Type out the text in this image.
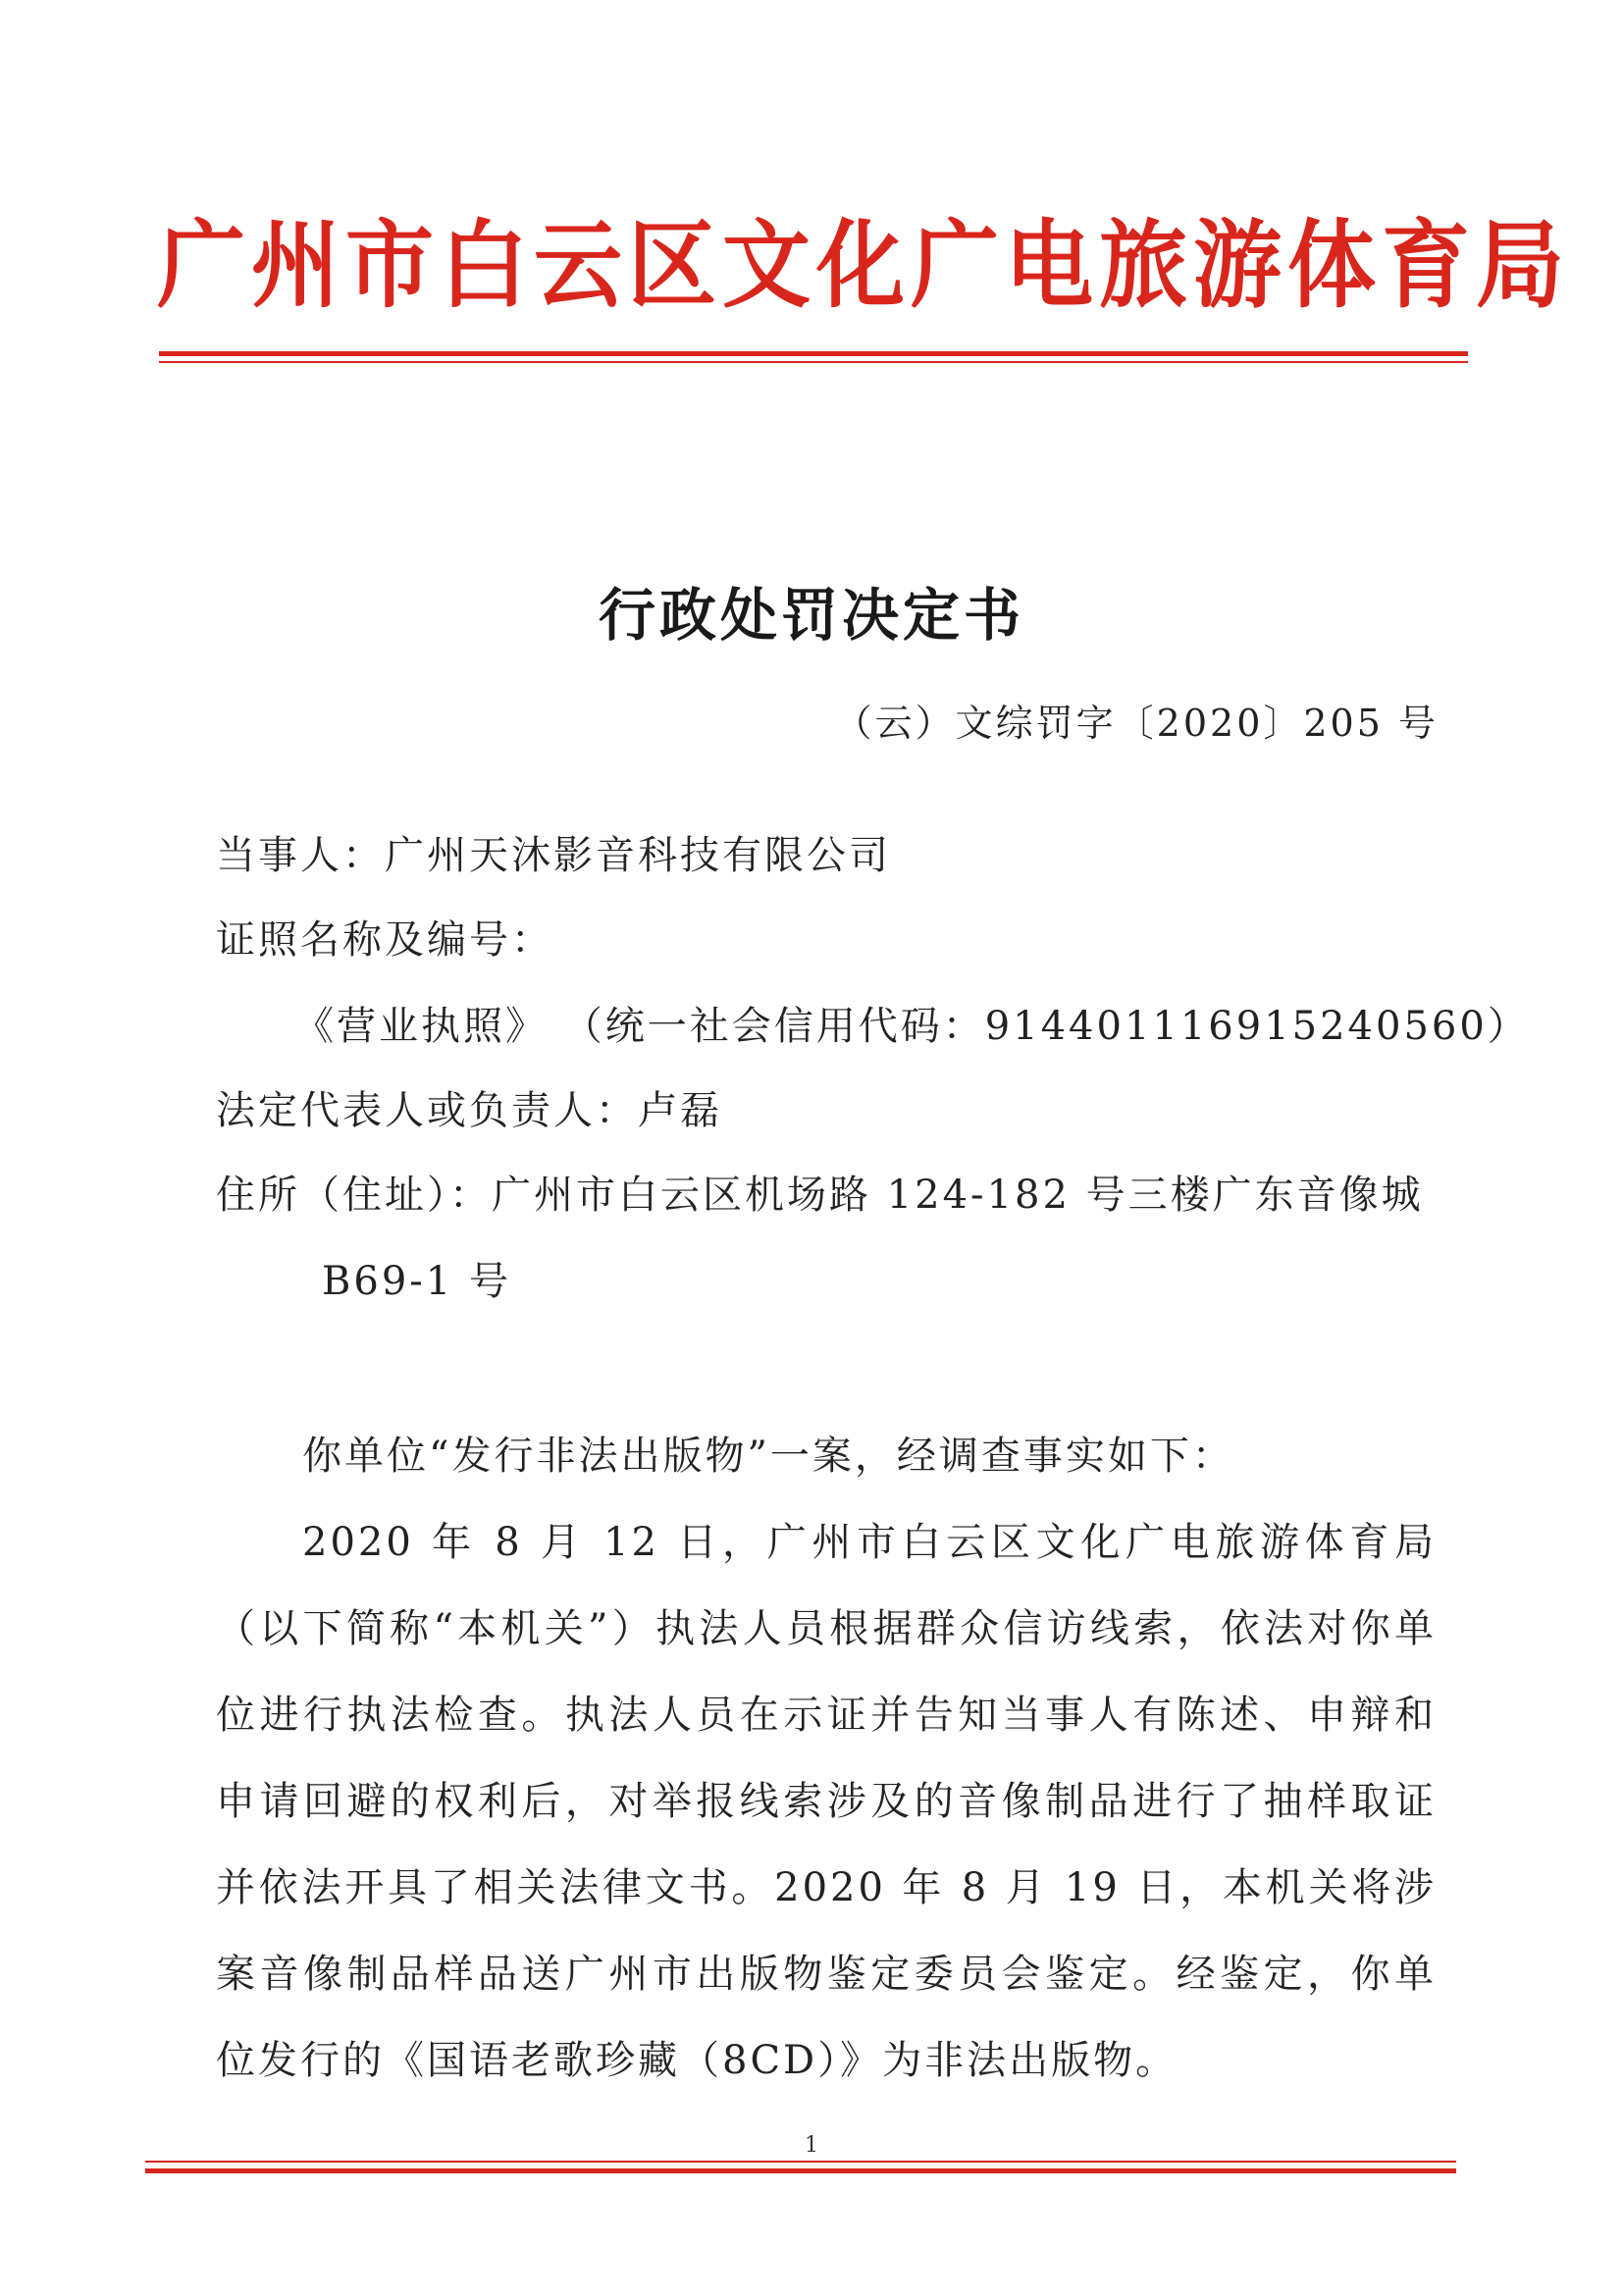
广州市白云区文化广电旅游体育局
行政处罚决定书
（云）文综罚字〔2020〕205 号
当事人：广州天沐影音科技有限公司
证照名称及编号：
《营业执照》 （统一社会信用代码：914401116915240560）
法定代表人或负责人：卢磊
住所（住址）：广州市白云区机场路 124-182 号三楼广东音像城
B69-1 号

你单位“发行非法出版物”一案，经调查事实如下：

2020 年 8 月 12 日，广州市白云区文化广电旅游体育局（以下简称“本机关”）执法人员根据群众信访线索，依法对你单位进行执法检查。执法人员在示证并告知当事人有陈述、申辩和申请回避的权利后，对举报线索涉及的音像制品进行了抽样取证并依法开具了相关法律文书。2020 年 8 月 19 日，本机关将涉案音像制品样品送广州市出版物鉴定委员会鉴定。经鉴定，你单位发行的《国语老歌珍藏（8CD）》为非法出版物。

1
